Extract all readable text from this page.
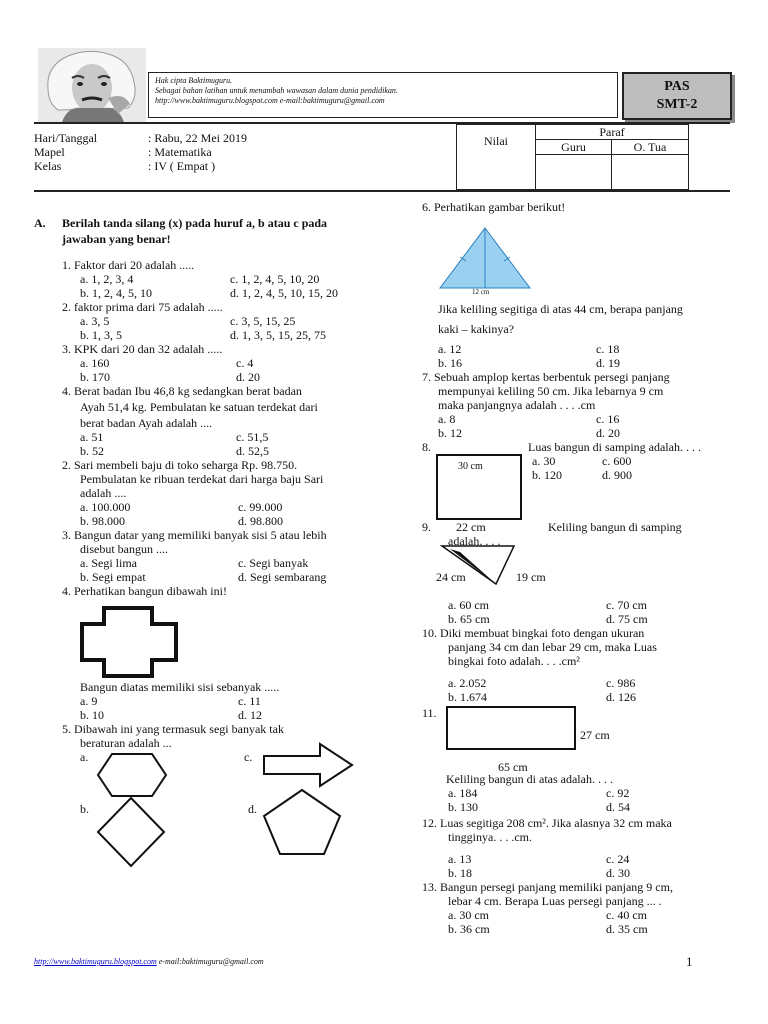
Hak cipta Baktimuguru.
Sebagai bahan latihan untuk menambah wawasan dalam dunia pendidikan.
http://www.baktimuguru.blogspot.com e-mail:baktimuguru@gmail.com
PAS
SMT-2
Hari/Tanggal	: Rabu, 22 Mei 2019
Mapel	: Matematika
Kelas	: IV ( Empat )
Nilai
Paraf
Guru	O. Tua
A. Berilah tanda silang (x) pada huruf a, b atau c pada
jawaban yang benar!
1. Faktor dari 20 adalah .....
a. 1, 2, 3, 4	c. 1, 2, 4, 5, 10, 20
b. 1, 2, 4, 5, 10	d. 1, 2, 4, 5, 10, 15, 20
2. faktor prima dari 75 adalah .....
a. 3, 5	c. 3, 5, 15, 25
b. 1, 3, 5	d. 1, 3, 5, 15, 25, 75
3. KPK dari 20 dan 32 adalah .....
a. 160	c. 4
b. 170	d. 20
4. Berat badan Ibu 46,8 kg sedangkan berat badan
Ayah 51,4 kg. Pembulatan ke satuan terdekat dari
berat badan Ayah adalah ....
a. 51	c. 51,5
b. 52	d. 52,5
2. Sari membeli baju di toko seharga Rp. 98.750.
Pembulatan ke ribuan terdekat dari harga baju Sari
adalah ....
a. 100.000	c. 99.000
b. 98.000	d. 98.800
3. Bangun datar yang memiliki banyak sisi 5 atau lebih
disebut bangun ....
a. Segi lima	c. Segi banyak
b. Segi empat	d. Segi sembarang
4. Perhatikan bangun dibawah ini!
Bangun diatas memiliki sisi sebanyak .....
a. 9	c. 11
b. 10	d. 12
5. Dibawah ini yang termasuk segi banyak tak
beraturan adalah ...
a.	c.
b.	d.
6. Perhatikan gambar berikut!
12 cm
Jika keliling segitiga di atas 44 cm, berapa panjang
kaki – kakinya?
a. 12	c. 18
b. 16	d. 19
7. Sebuah amplop kertas berbentuk persegi panjang
mempunyai keliling 50 cm. Jika lebarnya 9 cm
maka panjangnya adalah . . . .cm
a. 8	c. 16
b. 12	d. 20
8.	Luas bangun di samping adalah. . . .
30 cm	a. 30	c. 600
b. 120	d. 900
9. 22 cm	Keliling bangun di samping
adalah. . . .
24 cm	19 cm
a. 60 cm	c. 70 cm
b. 65 cm	d. 75 cm
10. Diki membuat bingkai foto dengan ukuran
panjang 34 cm dan lebar 29 cm, maka Luas
bingkai foto adalah. . . .cm²
a. 2.052	c. 986
b. 1.674	d. 126
11.
27 cm
65 cm
Keliling bangun di atas adalah. . . .
a. 184	c. 92
b. 130	d. 54
12. Luas segitiga 208 cm². Jika alasnya 32 cm maka
tingginya. . . .cm.
a. 13	c. 24
b. 18	d. 30
13. Bangun persegi panjang memiliki panjang 9 cm,
lebar 4 cm. Berapa Luas persegi panjang ... .
a. 30 cm	c. 40 cm
b. 36 cm	d. 35 cm
http://www.baktimuguru.blogspot.com e-mail:baktimuguru@gmail.com	1
